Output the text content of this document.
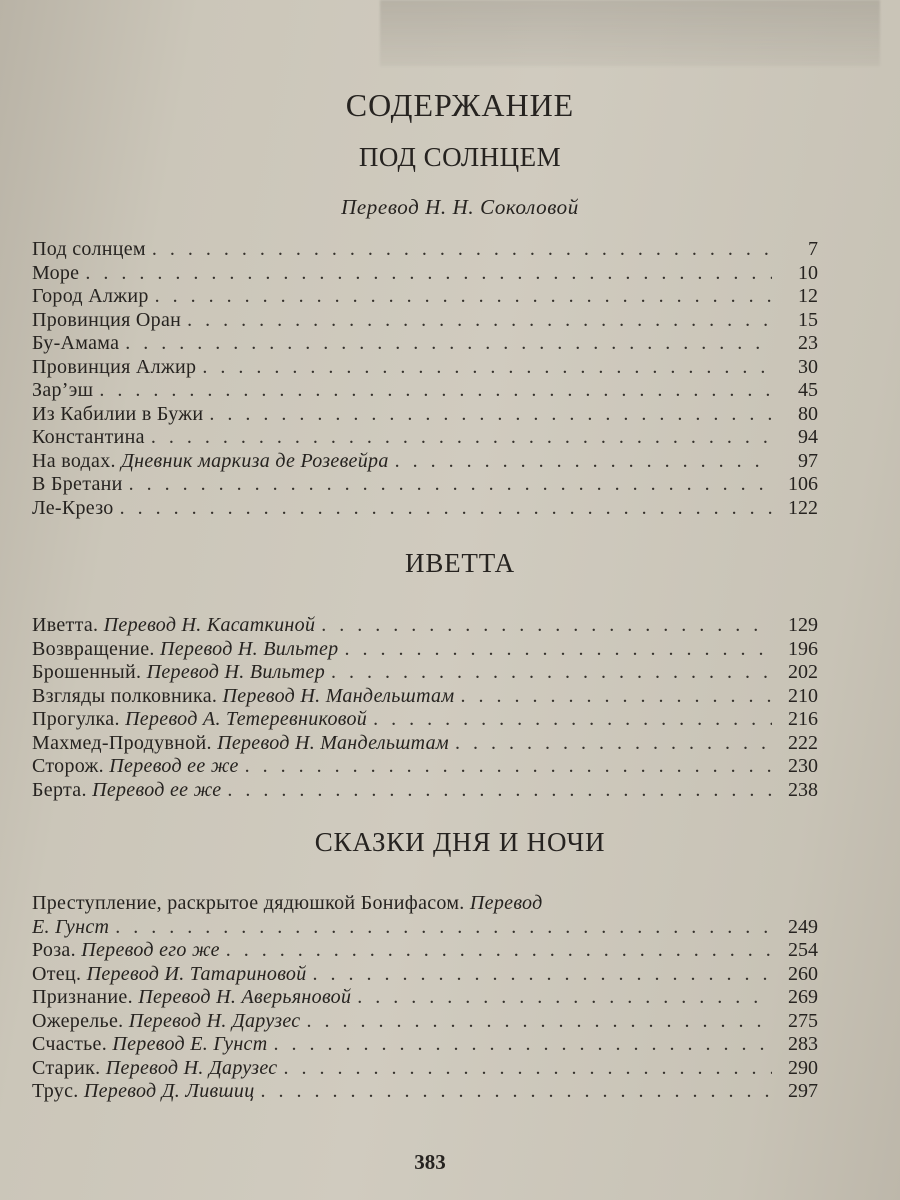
СОДЕРЖАНИЕ
ПОД СОЛНЦЕМ
Перевод Н. Н. Соколовой
Под солнцем . . .	7
Море . . .	10
Город Алжир . . .	12
Провинция Оран . . .	15
Бу-Амама . . .	23
Провинция Алжир . . .	30
Зар’эш . . .	45
Из Кабилии в Бужи . . .	80
Константина . . .	94
На водах. Дневник маркиза де Розевейра . . .	97
В Бретани . . .	106
Ле-Крезо . . .	122
ИВЕТТА
Иветта. Перевод Н. Касаткиной . . .	129
Возвращение. Перевод Н. Вильтер . . .	196
Брошенный. Перевод Н. Вильтер . . .	202
Взгляды полковника. Перевод Н. Мандельштам . . .	210
Прогулка. Перевод А. Тетеревниковой . . .	216
Махмед-Продувной. Перевод Н. Мандельштам . . .	222
Сторож. Перевод ее же . . .	230
Берта. Перевод ее же . . .	238
СКАЗКИ ДНЯ И НОЧИ
Преступление, раскрытое дядюшкой Бонифасом. Перевод
Е. Гунст . . .	249
Роза. Перевод его же . . .	254
Отец. Перевод И. Татариновой . . .	260
Признание. Перевод Н. Аверьяновой . . .	269
Ожерелье. Перевод Н. Дарузес . . .	275
Счастье. Перевод Е. Гунст . . .	283
Старик. Перевод Н. Дарузес . . .	290
Трус. Перевод Д. Лившиц . . .	297
383
